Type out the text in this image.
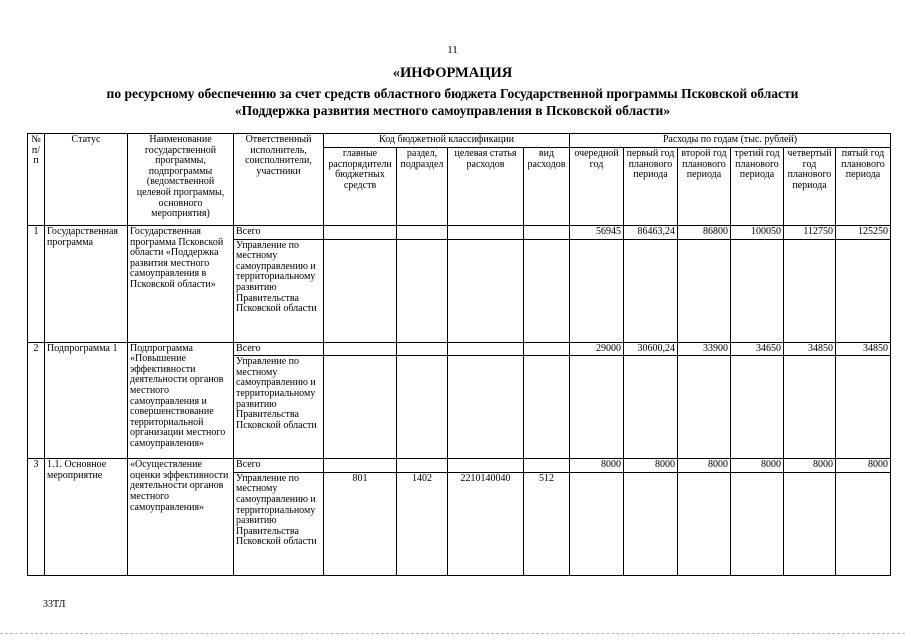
11
«ИНФОРМАЦИЯ
по ресурсному обеспечению за счет средств областного бюджета Государственной программы Псковской области
«Поддержка развития местного самоуправления в Псковской области»
№ п/п	Статус	Наименование государственной программы, подпрограммы (ведомственной целевой программы, основного мероприятия)	Ответственный исполнитель, соисполнители, участники	Код бюджетной классификации				Расходы по годам (тыс. рублей)					
				главные распорядители бюджетных средств	раздел, подраздел	целевая статья расходов	вид расходов	очередной год	первый год планового периода	второй год планового периода	третий год планового периода	четвертый год планового периода	пятый год планового периода
1	Государственная программа	Государственная программа Псковской области «Поддержка развития местного самоуправления в Псковской области»	Всего					56945	86463,24	86800	100050	112750	125250
			Управление по местному самоуправлению и территориальному развитию Правительства Псковской области										
2	Подпрограмма 1	Подпрограмма «Повышение эффективности деятельности органов местного самоуправления и совершенствование территориальной организации местного самоуправления»	Всего					29000	30600,24	33900	34650	34850	34850
			Управление по местному самоуправлению и территориальному развитию Правительства Псковской области										
3	1.1. Основное мероприятие	«Осуществление оценки эффективности деятельности органов местного самоуправления»	Всего					8000	8000	8000	8000	8000	8000
			Управление по местному самоуправлению и территориальному развитию Правительства Псковской области	801	1402	2210140040	512						
33ТЛ
